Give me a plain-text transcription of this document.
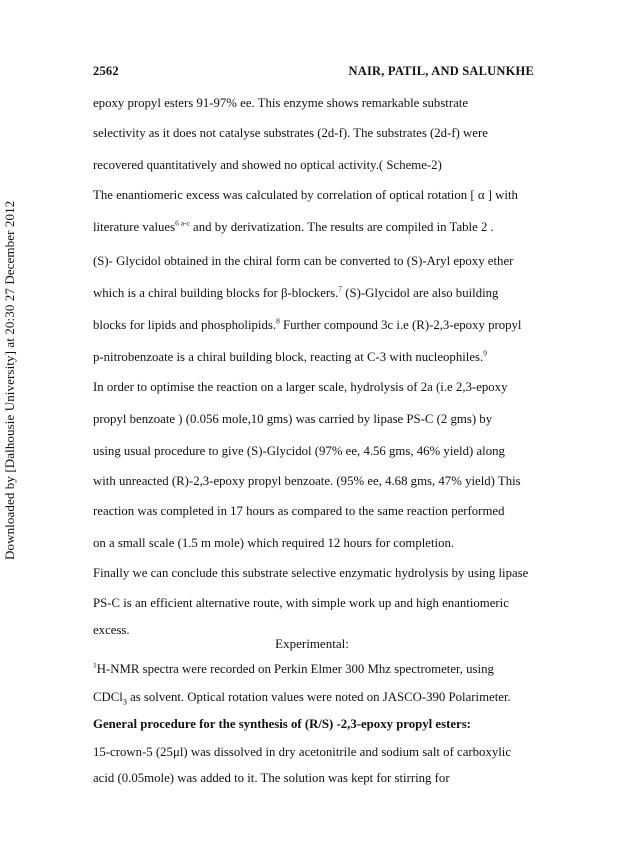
2562	NAIR, PATIL, AND SALUNKHE
Downloaded by [Dalhousie University] at 20:30 27 December 2012
epoxy propyl esters 91-97% ee. This enzyme shows remarkable substrate
selectivity as it does not catalyse substrates (2d-f). The substrates (2d-f) were
recovered quantitatively and showed no optical activity.( Scheme-2)
The enantiomeric excess was calculated by correlation of optical rotation [ α ] with
literature values$^{6 a-c}$ and by derivatization. The results are compiled in Table 2 .
(S)- Glycidol obtained in the chiral form can be converted to (S)-Aryl epoxy ether
which is a chiral building blocks for β-blockers.$^7$ (S)-Glycidol are also building
blocks for lipids and phospholipids.$^8$ Further compound 3c i.e (R)-2,3-epoxy propyl
p-nitrobenzoate is a chiral building block, reacting at C-3 with nucleophiles.$^9$
In order to optimise the reaction on a larger scale, hydrolysis of 2a (i.e 2,3-epoxy
propyl benzoate ) (0.056 mole,10 gms) was carried by lipase PS-C (2 gms) by
using usual procedure to give (S)-Glycidol (97% ee, 4.56 gms, 46% yield) along
with unreacted (R)-2,3-epoxy propyl benzoate. (95% ee, 4.68 gms, 47% yield) This
reaction was completed in 17 hours as compared to the same reaction performed
on a small scale (1.5 m mole) which required 12 hours for completion.
Finally we can conclude this substrate selective enzymatic hydrolysis by using lipase
PS-C is an efficient alternative route, with simple work up and high enantiomeric
excess.
Experimental:
$^1$H-NMR spectra were recorded on Perkin Elmer 300 Mhz spectrometer, using
CDCl$_3$ as solvent. Optical rotation values were noted on JASCO-390 Polarimeter.
General procedure for the synthesis of (R/S) -2,3-epoxy propyl esters:
15-crown-5 (25μl) was dissolved in dry acetonitrile and sodium salt of carboxylic
acid (0.05mole) was added to it. The solution was kept for stirring for
